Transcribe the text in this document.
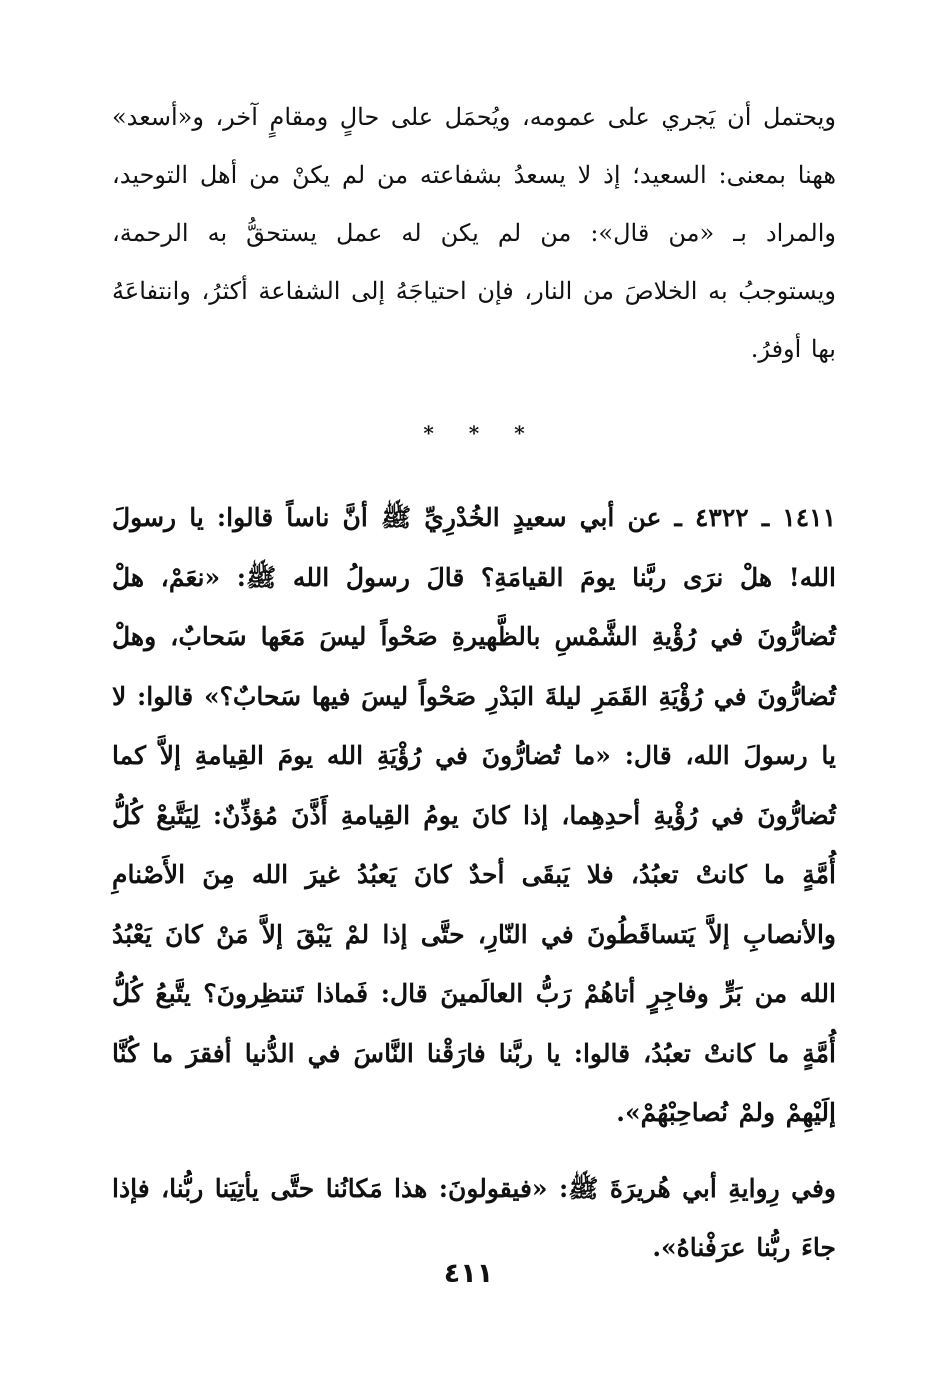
ويحتمل أن يَجري على عمومه، ويُحمَل على حالٍ ومقامٍ آخر، و«أسعد» ههنا بمعنى: السعيد؛ إذ لا يسعدُ بشفاعته من لم يكنْ من أهل التوحيد، والمراد بـ «من قال»: من لم يكن له عمل يستحقُّ به الرحمة، ويستوجبُ به الخلاصَ من النار، فإن احتياجَهُ إلى الشفاعة أكثرُ، وانتفاعَهُ بها أوفرُ.

* * *

١٤١١ ـ ٤٣٢٢ ـ عن أبي سعيدٍ الخُدْرِيِّ ﷺ أنَّ ناساً قالوا: يا رسولَ الله! هلْ نرَى ربَّنا يومَ القيامَةِ؟ قالَ رسولُ الله ﷺ: «نعَمْ، هلْ تُضارُّونَ في رُؤْيةِ الشَّمْسِ بالظَّهيرةِ صَحْواً ليسَ مَعَها سَحابٌ، وهلْ تُضارُّونَ في رُؤْيَةِ القَمَرِ ليلةَ البَدْرِ صَحْواً ليسَ فيها سَحابٌ؟» قالوا: لا يا رسولَ الله، قال: «ما تُضارُّونَ في رُؤْيَةِ الله يومَ القِيامةِ إلاَّ كما تُضارُّونَ في رُؤْيةِ أحدِهِما، إذا كانَ يومُ القِيامةِ أَذَّنَ مُؤذِّنٌ: لِيَتَّبعْ كُلُّ أُمَّةٍ ما كانتْ تعبُدُ، فلا يَبقَى أحدٌ كانَ يَعبُدُ غيرَ الله مِنَ الأَصْنامِ والأنصابِ إلاَّ يَتساقَطُونَ في النّارِ، حتَّى إذا لمْ يَبْقَ إلاَّ مَنْ كانَ يَعْبُدُ الله من بَرٍّ وفاجِرٍ أتاهُمْ رَبُّ العالَمينَ قال: فَماذا تَنتظِرونَ؟ يتَّبعُ كُلُّ أُمَّةٍ ما كانتْ تعبُدُ، قالوا: يا ربَّنا فارَقْنا النَّاسَ في الدُّنيا أفقرَ ما كُنَّا إلَيْهِمْ ولمْ نُصاحِبْهُمْ».

وفي رِوايةِ أبي هُريرَةَ ﷺ: «فيقولونَ: هذا مَكانُنا حتَّى يأتِيَنا ربُّنا، فإذا جاءَ ربُّنا عرَفْناهُ».

٤١١
